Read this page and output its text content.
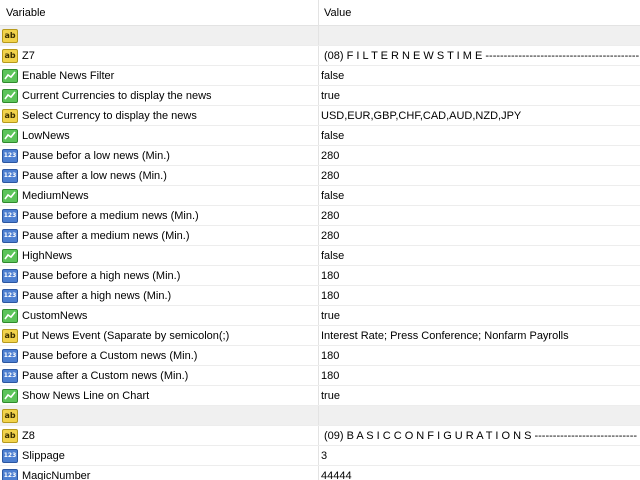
Variable	Value
ab
ab Z7	(08) F I L T E R N E W S T I M E ------------------------------------------
Enable News Filter	false
Current Currencies to display the news	true
ab Select Currency to display the news	USD,EUR,GBP,CHF,CAD,AUD,NZD,JPY
LowNews	false
123 Pause befor a low news (Min.)	280
123 Pause after a low news (Min.)	280
MediumNews	false
123 Pause before a medium news (Min.)	280
123 Pause after a medium news (Min.)	280
HighNews	false
123 Pause before a high news (Min.)	180
123 Pause after a high news (Min.)	180
CustomNews	true
ab Put News Event (Saparate by semicolon(;)	Interest Rate; Press Conference; Nonfarm Payrolls
123 Pause before a Custom news (Min.)	180
123 Pause after a Custom news (Min.)	180
Show News Line on Chart	true
ab
ab Z8	(09) B A S I C C O N F I G U R A T I O N S ----------------------------
123 Slippage	3
123 MagicNumber	44444
